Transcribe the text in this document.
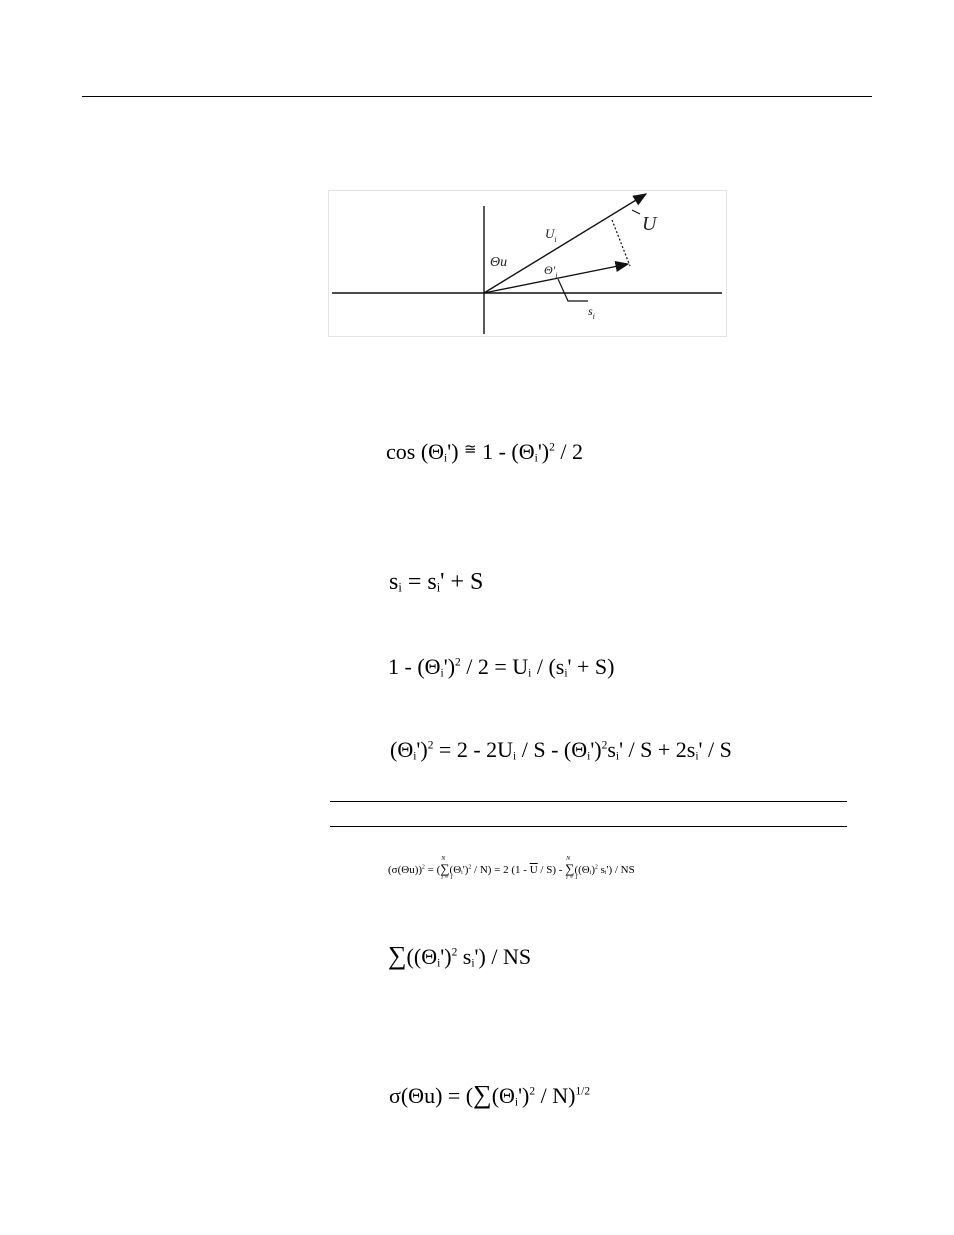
Θu
$U_i$
$\Theta'_i$
U
$s_i$
$\cos (\Theta_i')$ ≅ $1 - (\Theta_i')^2 / 2$
$s_i = s_i' + S$
$1 - (\Theta_i')^2 / 2 = U_i / (s_i' + S)$
$(\Theta_i')^2 = 2 - 2U_i / S - (\Theta_i')^2s_i' / S + 2s_i' / S$
$(\sigma(\Theta u))^2$ = (
N
∑
i = 1
$(\Theta_i')^2 / N) = 2$ $(1 - \overline{U} / S)$ -
N
∑
i = 1
($(\Theta_i)^2$ $s_i'$) / NS
$\sum((\Theta_i')^2$ $s_i'$) / NS
$\sigma(\Theta u) = (\sum(\Theta_i')^2 / N)^{1/2}$
